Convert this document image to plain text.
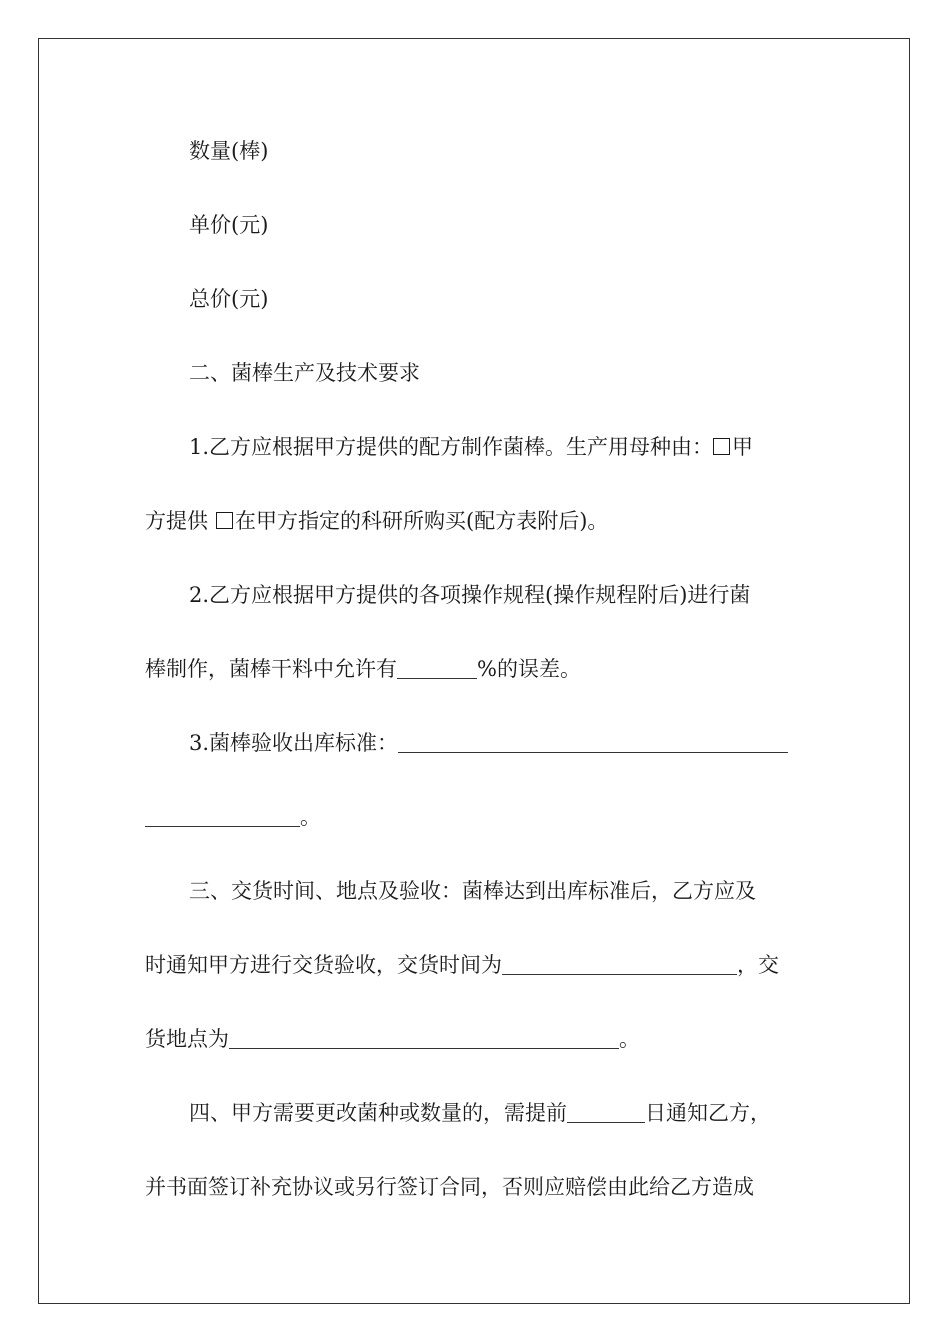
数量(棒)
单价(元)
总价(元)
二、菌棒生产及技术要求
1.乙方应根据甲方提供的配方制作菌棒。生产用母种由： 甲
方提供 在甲方指定的科研所购买(配方表附后)。
2.乙方应根据甲方提供的各项操作规程(操作规程附后)进行菌
棒制作，菌棒干料中允许有	%的误差。
3.菌棒验收出库标准：
。
三、交货时间、地点及验收：菌棒达到出库标准后，乙方应及
时通知甲方进行交货验收，交货时间为	，交
货地点为	。
四、甲方需要更改菌种或数量的，需提前	日通知乙方，
并书面签订补充协议或另行签订合同，否则应赔偿由此给乙方造成
